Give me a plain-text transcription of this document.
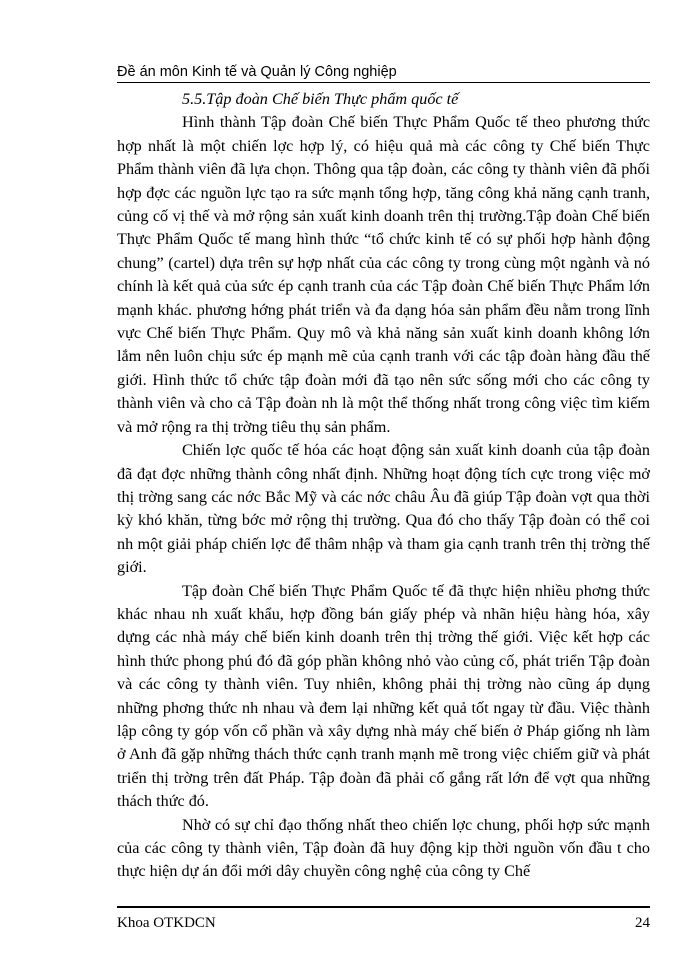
Đề án môn Kinh tế và Quản lý Công nghiệp

5.5.Tập đoàn Chế biến Thực phẩm quốc tế

Hình thành Tập đoàn Chế biến Thực Phẩm Quốc tế theo phương thức hợp nhất là một chiến lợc hợp lý, có hiệu quả mà các công ty Chế biến Thực Phẩm thành viên đã lựa chọn. Thông qua tập đoàn, các công ty thành viên đã phối hợp đợc các nguồn lực tạo ra sức mạnh tổng hợp, tăng công khả năng cạnh tranh, củng cố vị thế và mở rộng sản xuất kinh doanh trên thị trường.Tập đoàn Chế biến Thực Phẩm Quốc tế mang hình thức “tổ chức kinh tế có sự phối hợp hành động chung” (cartel) dựa trên sự hợp nhất của các công ty trong cùng một ngành và nó chính là kết quả của sức ép cạnh tranh của các Tập đoàn Chế biến Thực Phẩm lớn mạnh khác. phương hớng phát triển và đa dạng hóa sản phẩm đều nằm trong lĩnh vực Chế biến Thực Phẩm. Quy mô và khả năng sản xuất kinh doanh không lớn lắm nên luôn chịu sức ép mạnh mẽ của cạnh tranh với các tập đoàn hàng đầu thế giới. Hình thức tổ chức tập đoàn mới đã tạo nên sức sống mới cho các công ty thành viên và cho cả Tập đoàn nh là một thể thống nhất trong công việc tìm kiếm và mở rộng ra thị trờng tiêu thụ sản phẩm.

Chiến lợc quốc tế hóa các hoạt động sản xuất kinh doanh của tập đoàn đã đạt đợc những thành công nhất định. Những hoạt động tích cực trong việc mở thị trờng sang các nớc Bắc Mỹ và các nớc châu Âu đã giúp Tập đoàn vợt qua thời kỳ khó khăn, từng bớc mở rộng thị trường. Qua đó cho thấy Tập đoàn có thể coi nh một giải pháp chiến lợc để thâm nhập và tham gia cạnh tranh trên thị trờng thế giới.

Tập đoàn Chế biến Thực Phẩm Quốc tế đã thực hiện nhiều phơng thức khác nhau nh xuất khẩu, hợp đồng bán giấy phép và nhãn hiệu hàng hóa, xây dựng các nhà máy chế biến kinh doanh trên thị trờng thế giới. Việc kết hợp các hình thức phong phú đó đã góp phần không nhỏ vào củng cố, phát triển Tập đoàn và các công ty thành viên. Tuy nhiên, không phải thị trờng nào cũng áp dụng những phơng thức nh nhau và đem lại những kết quả tốt ngay từ đầu. Việc thành lập công ty góp vốn cổ phần và xây dựng nhà máy chế biến ở Pháp giống nh làm ở Anh đã gặp những thách thức cạnh tranh mạnh mẽ trong việc chiếm giữ và phát triển thị trờng trên đất Pháp. Tập đoàn đã phải cố gắng rất lớn để vợt qua những thách thức đó.

Nhờ có sự chỉ đạo thống nhất theo chiến lợc chung, phối hợp sức mạnh của các công ty thành viên, Tập đoàn đã huy động kịp thời nguồn vốn đầu t cho thực hiện dự án đổi mới dây chuyền công nghệ của công ty Chế

Khoa OTKDCN	24
